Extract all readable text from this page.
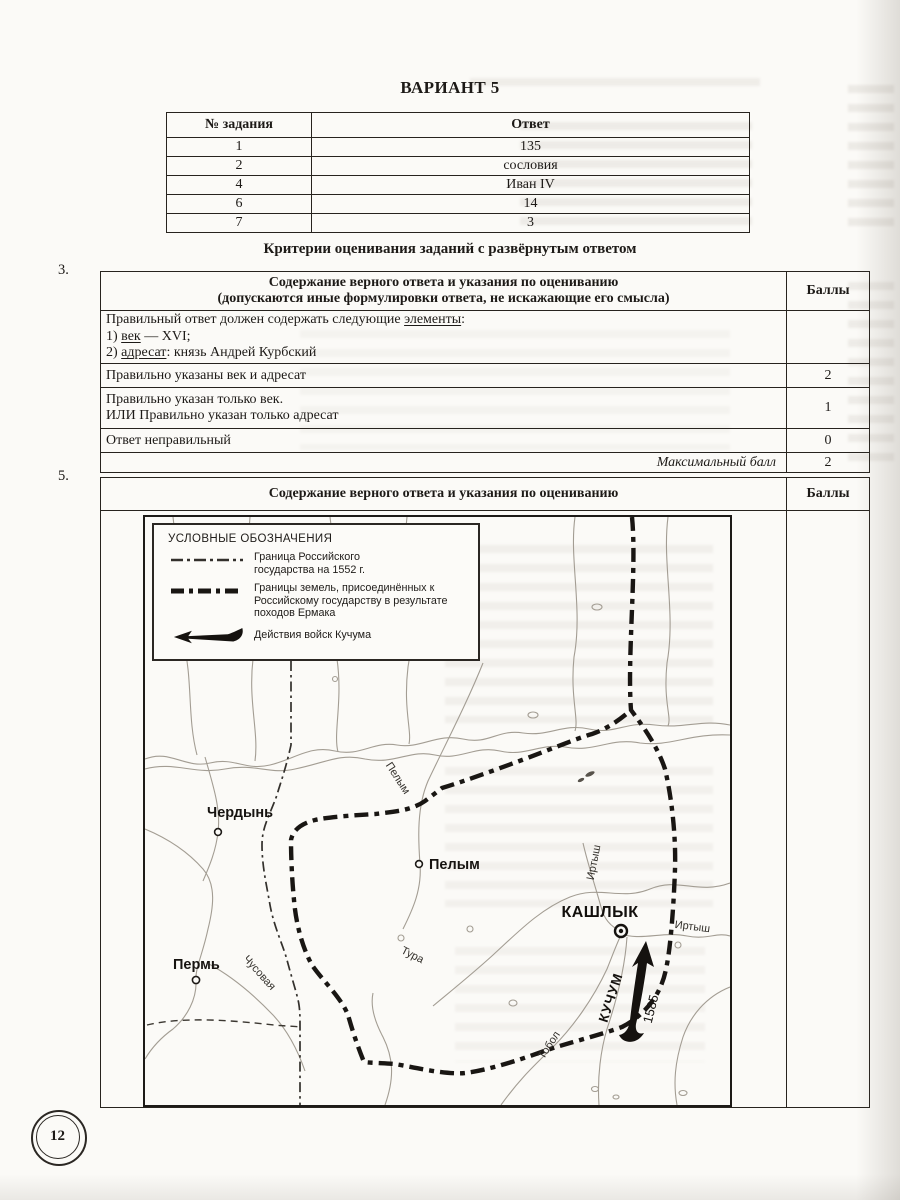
ВАРИАНТ 5
№ задания	Ответ
1	135
2	сословия
4	Иван IV
6	14
7	3
Критерии оценивания заданий с развёрнутым ответом
3.
Содержание верного ответа и указания по оцениванию
(допускаются иные формулировки ответа, не искажающие его смысла)	Баллы

Правильный ответ должен содержать следующие элементы:
1) век — XVI;
2) адресат: князь Андрей Курбский	

Правильно указаны век и адресат	2

Правильно указан только век.
ИЛИ Правильно указан только адресат	1
Ответ неправильный	0
Максимальный балл	2
5.
Содержание верного ответа и указания по оцениванию	Баллы

Чердынь
Пелым
Пермь
КАШЛЫК
Пелым
Тура
Чусовая
Иртыш
Иртыш
Тобол
КУЧУМ 1585
УСЛОВНЫЕ ОБОЗНАЧЕНИЯ
Граница Российского государства на 1552 г.
Границы земель, присоединённых к Российскому государству в результате походов Ермака
Действия войск Кучума

12
